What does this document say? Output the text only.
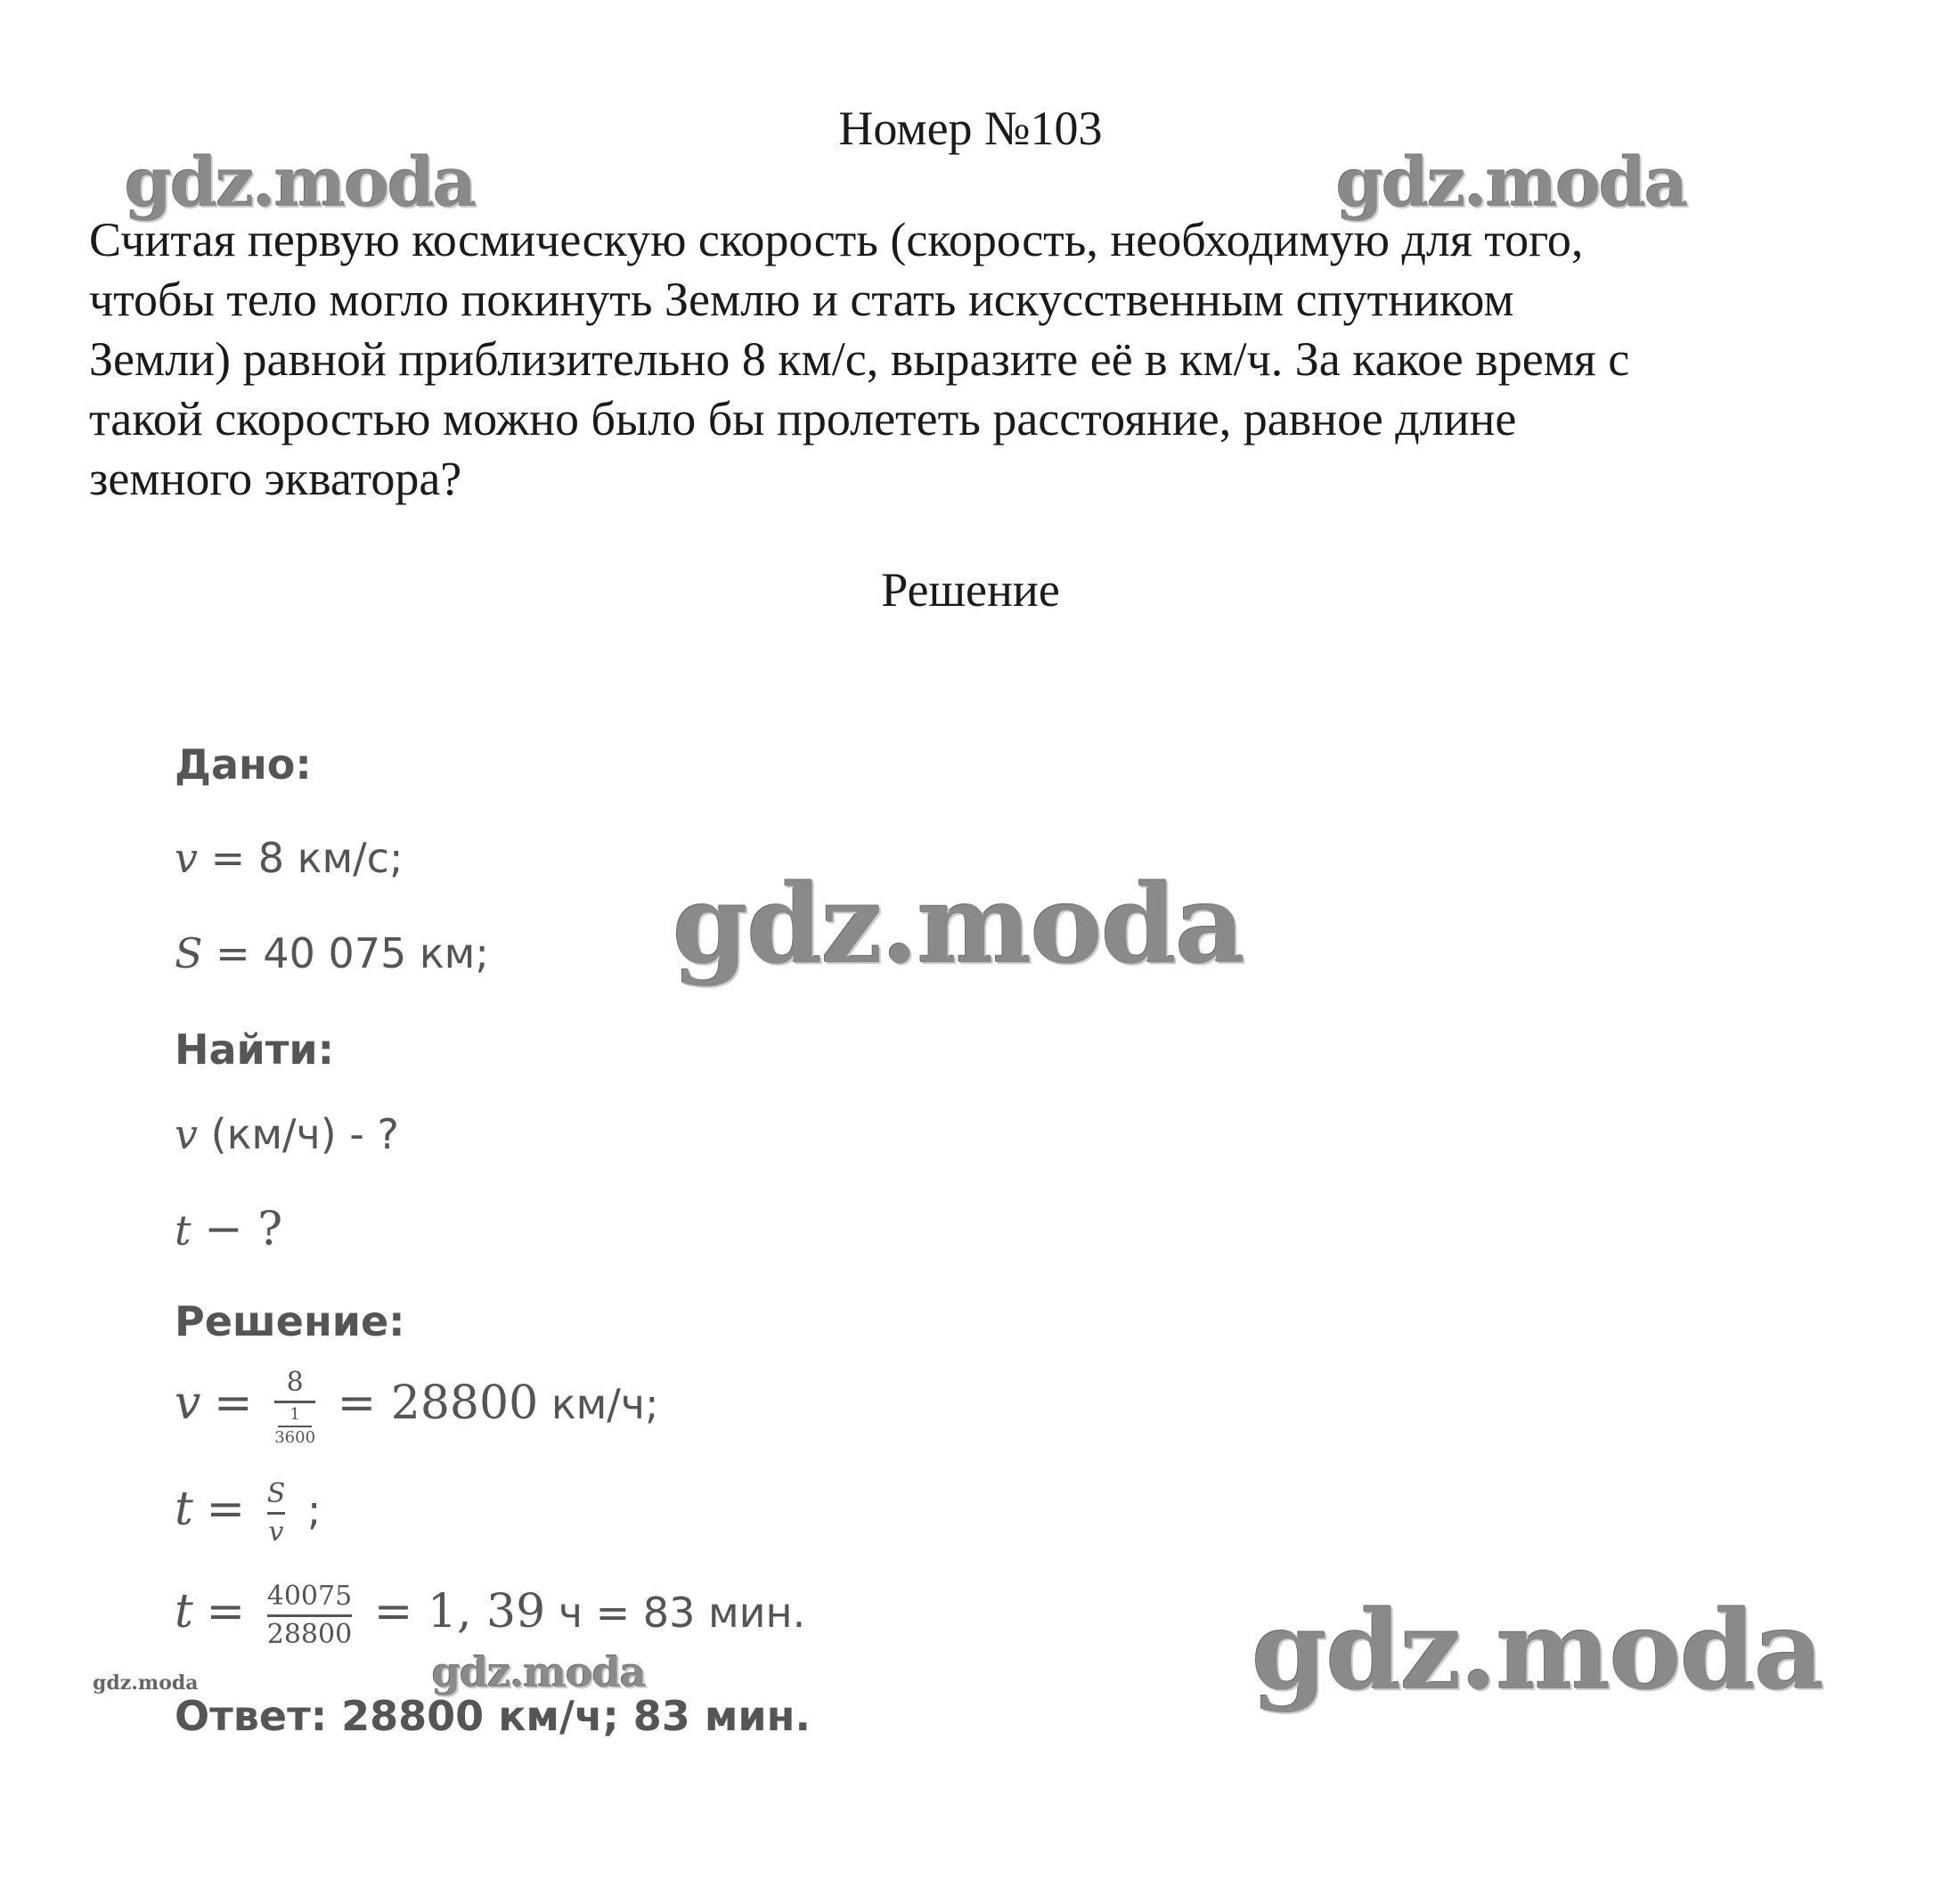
Номер №103
Считая первую космическую скорость (скорость, необходимую для того,
чтобы тело могло покинуть Землю и стать искусственным спутником
Земли) равной приблизительно 8 км/с, выразите её в км/ч. За какое время с
такой скоростью можно было бы пролететь расстояние, равное длине
земного экватора?
Решение
Дано:
v = 8 км/с;
S = 40 075 км;
Найти:
v (км/ч) - ?
t − ?
Решение:
v = 8
1
3600 = 28800 км/ч;
$t = \frac{S}{v}$ ;
$t = \frac{40075}{28800} = 1$, 39 ч = 83 мин.
Ответ: 28800 км/ч; 83 мин.
gdz.moda	gdz.moda
gdz.moda
gdz.moda
gdz.moda
gdz.moda
